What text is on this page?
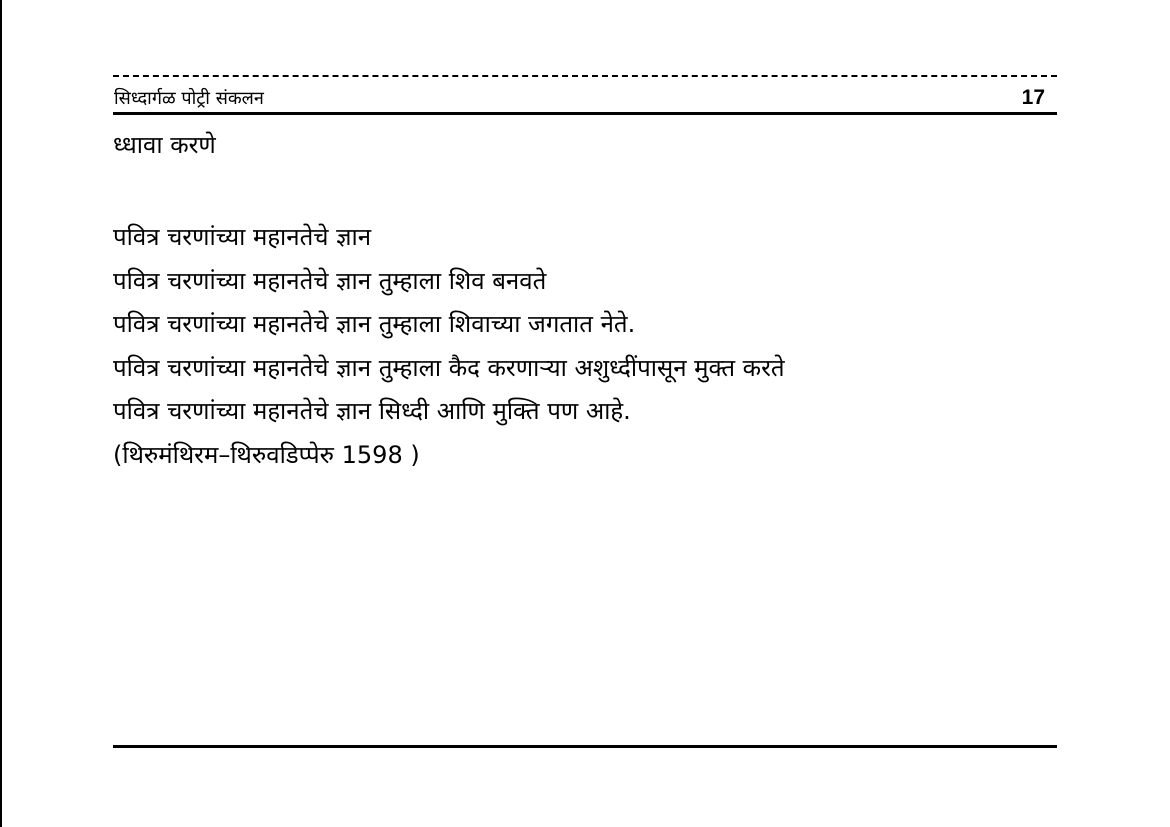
सिध्दार्गळ पोट्री संकलन	17
ध्धावा करणे
पवित्र चरणांच्या महानतेचे ज्ञान
पवित्र चरणांच्या महानतेचे ज्ञान तुम्हाला शिव बनवते
पवित्र चरणांच्या महानतेचे ज्ञान तुम्हाला शिवाच्या जगतात नेते.
पवित्र चरणांच्या महानतेचे ज्ञान तुम्हाला कैद करणाऱ्या अशुध्दींपासून मुक्त करते
पवित्र चरणांच्या महानतेचे ज्ञान सिध्दी आणि मुक्ति पण आहे.
(थिरुमंथिरम–थिरुवडिप्पेरु 1598 )
